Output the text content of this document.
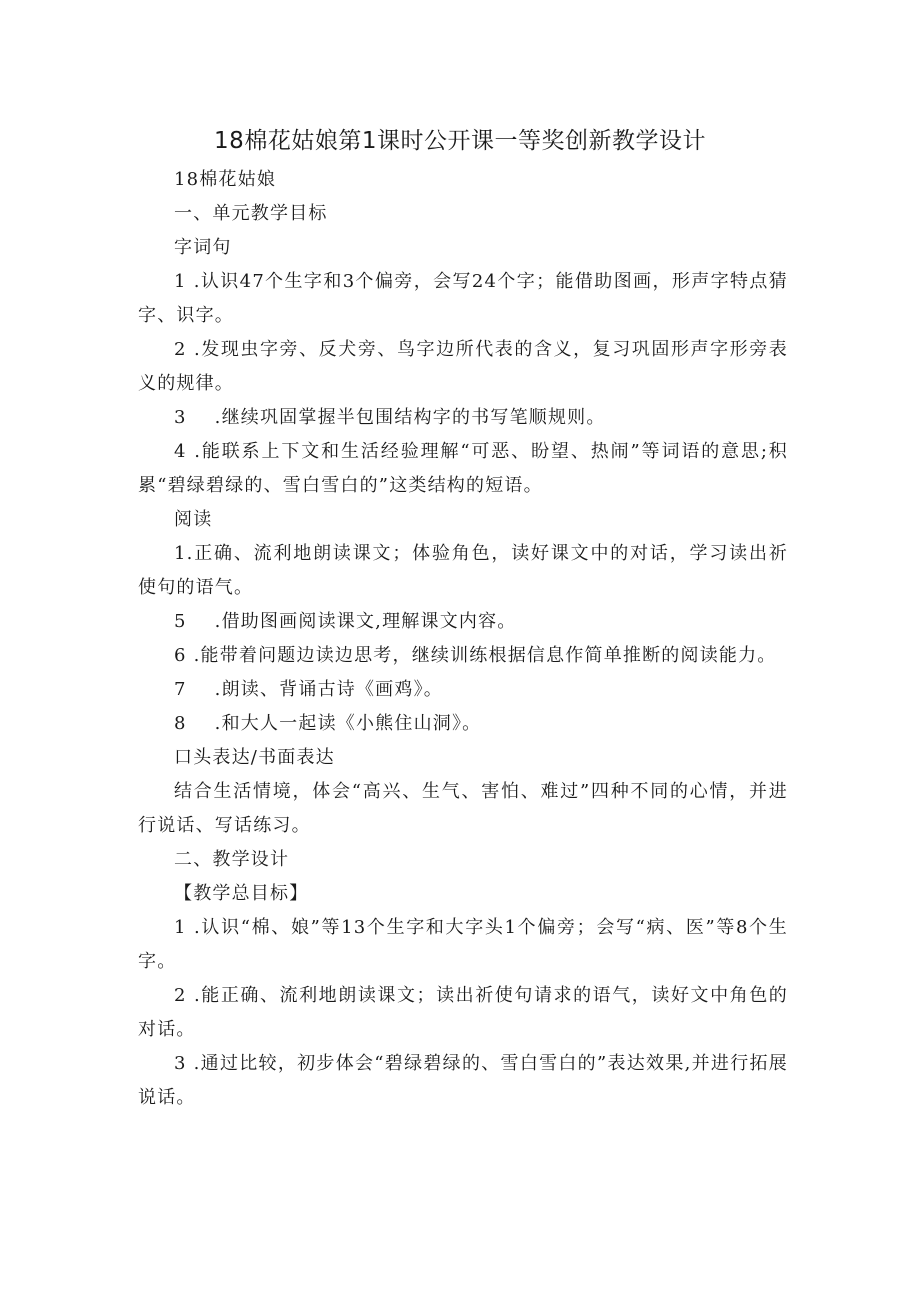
18棉花姑娘第1课时公开课一等奖创新教学设计

18棉花姑娘

一、单元教学目标

字词句

1 .认识47个生字和3个偏旁，会写24个字；能借助图画，形声字特点猜字、识字。

2 .发现虫字旁、反犬旁、鸟字边所代表的含义，复习巩固形声字形旁表义的规律。

3 .继续巩固掌握半包围结构字的书写笔顺规则。

4 .能联系上下文和生活经验理解“可恶、盼望、热闹”等词语的意思;积累“碧绿碧绿的、雪白雪白的”这类结构的短语。

阅读

1.正确、流利地朗读课文；体验角色，读好课文中的对话，学习读出祈使句的语气。

5 .借助图画阅读课文,理解课文内容。

6 .能带着问题边读边思考，继续训练根据信息作简单推断的阅读能力。

7 .朗读、背诵古诗《画鸡》。

8 .和大人一起读《小熊住山洞》。

口头表达/书面表达

结合生活情境，体会“高兴、生气、害怕、难过”四种不同的心情，并进行说话、写话练习。

二、教学设计

【教学总目标】

1 .认识“棉、娘”等13个生字和大字头1个偏旁；会写“病、医”等8个生字。

2 .能正确、流利地朗读课文；读出祈使句请求的语气，读好文中角色的对话。

3 .通过比较，初步体会“碧绿碧绿的、雪白雪白的”表达效果,并进行拓展说话。
